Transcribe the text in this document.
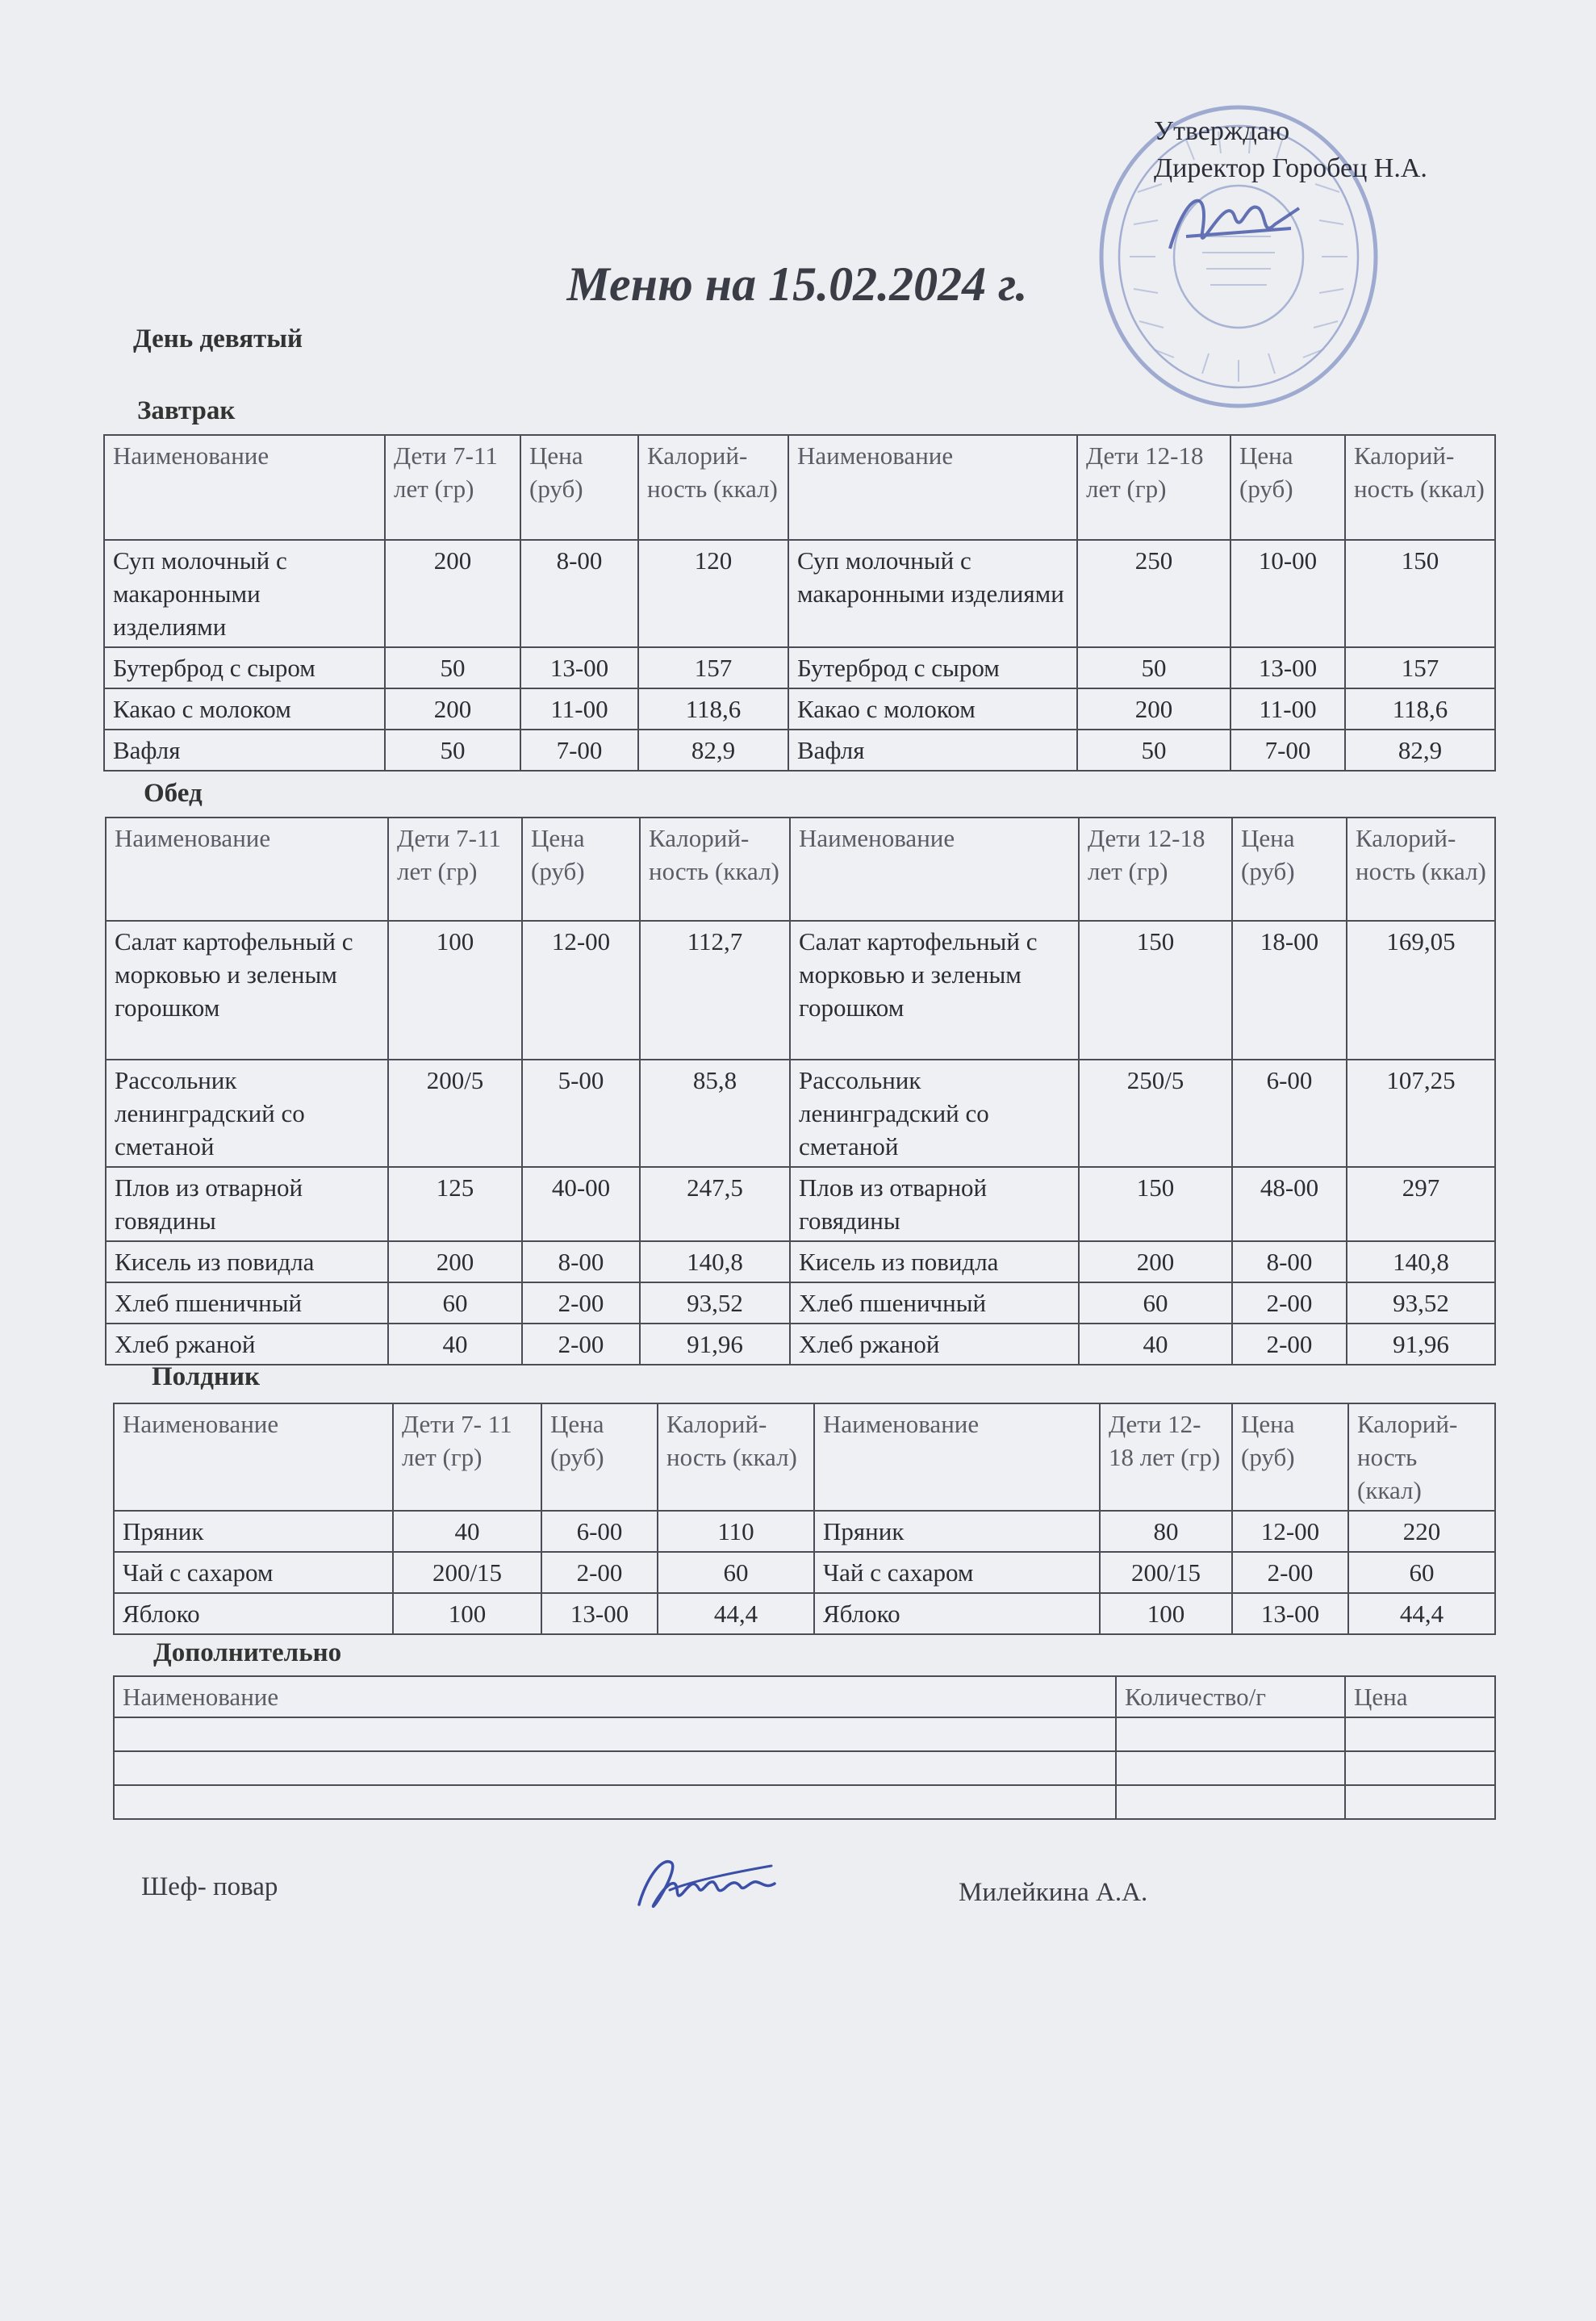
Утверждаю
Директор Горобец Н.А.
Меню на 15.02.2024 г.
День девятый
Завтрак
Наименование	Дети 7-11 лет (гр)	Цена (руб)	Калорий-ность (ккал)	Наименование	Дети 12-18 лет (гр)	Цена (руб)	Калорий-ность (ккал)
Суп молочный с макаронными изделиями	200	8-00	120	Суп молочный с макаронными изделиями	250	10-00	150
Бутерброд с сыром	50	13-00	157	Бутерброд с сыром	50	13-00	157
Какао с молоком	200	11-00	118,6	Какао с молоком	200	11-00	118,6
Вафля	50	7-00	82,9	Вафля	50	7-00	82,9
Обед
Наименование	Дети 7-11 лет (гр)	Цена (руб)	Калорий-ность (ккал)	Наименование	Дети 12-18 лет (гр)	Цена (руб)	Калорий-ность (ккал)
Салат картофельный с морковью и зеленым горошком	100	12-00	112,7	Салат картофельный с морковью и зеленым горошком	150	18-00	169,05
Рассольник ленинградский со сметаной	200/5	5-00	85,8	Рассольник ленинградский со сметаной	250/5	6-00	107,25
Плов из отварной говядины	125	40-00	247,5	Плов из отварной говядины	150	48-00	297
Кисель из повидла	200	8-00	140,8	Кисель из повидла	200	8-00	140,8
Хлеб пшеничный	60	2-00	93,52	Хлеб пшеничный	60	2-00	93,52
Хлеб ржаной	40	2-00	91,96	Хлеб ржаной	40	2-00	91,96
Полдник
Наименование	Дети 7- 11 лет (гр)	Цена (руб)	Калорий-ность (ккал)	Наименование	Дети 12-18 лет (гр)	Цена (руб)	Калорий-ность (ккал)
Пряник	40	6-00	110	Пряник	80	12-00	220
Чай с сахаром	200/15	2-00	60	Чай с сахаром	200/15	2-00	60
Яблоко	100	13-00	44,4	Яблоко	100	13-00	44,4
Дополнительно
Наименование	Количество/г	Цена

Шеф- повар	Милейкина А.А.
